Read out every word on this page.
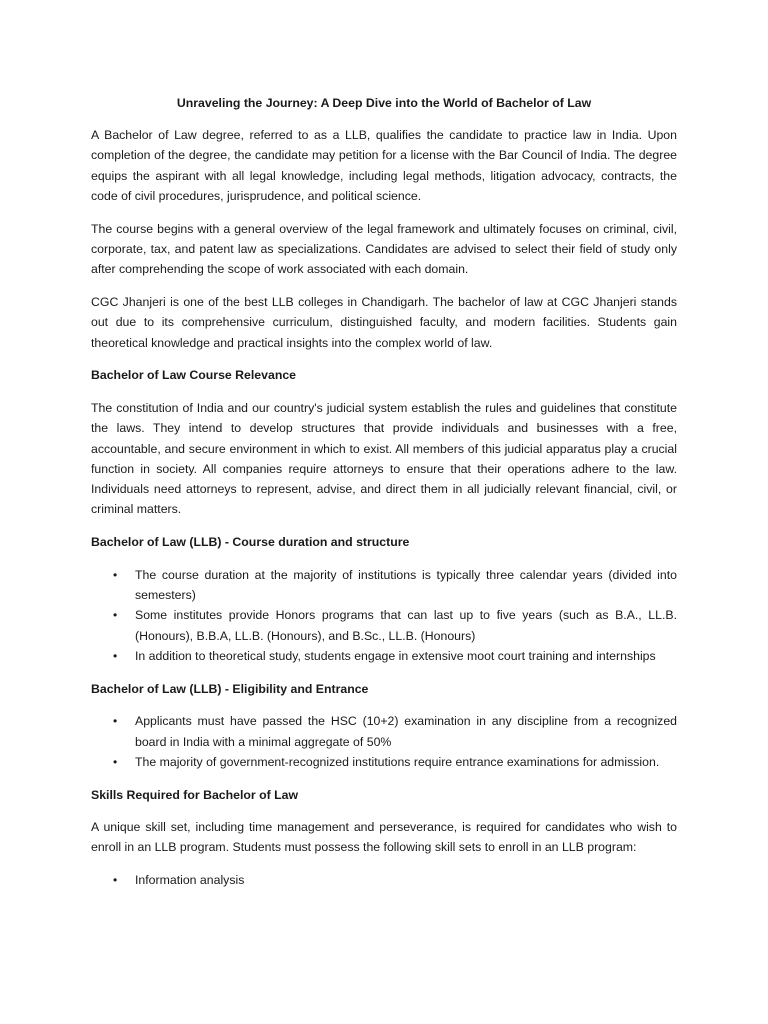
Unraveling the Journey: A Deep Dive into the World of Bachelor of Law

A Bachelor of Law degree, referred to as a LLB, qualifies the candidate to practice law in India. Upon completion of the degree, the candidate may petition for a license with the Bar Council of India. The degree equips the aspirant with all legal knowledge, including legal methods, litigation advocacy, contracts, the code of civil procedures, jurisprudence, and political science.

The course begins with a general overview of the legal framework and ultimately focuses on criminal, civil, corporate, tax, and patent law as specializations. Candidates are advised to select their field of study only after comprehending the scope of work associated with each domain.

CGC Jhanjeri is one of the best LLB colleges in Chandigarh. The bachelor of law at CGC Jhanjeri stands out due to its comprehensive curriculum, distinguished faculty, and modern facilities. Students gain theoretical knowledge and practical insights into the complex world of law.

Bachelor of Law Course Relevance

The constitution of India and our country's judicial system establish the rules and guidelines that constitute the laws. They intend to develop structures that provide individuals and businesses with a free, accountable, and secure environment in which to exist. All members of this judicial apparatus play a crucial function in society. All companies require attorneys to ensure that their operations adhere to the law. Individuals need attorneys to represent, advise, and direct them in all judicially relevant financial, civil, or criminal matters.

Bachelor of Law (LLB) - Course duration and structure
• The course duration at the majority of institutions is typically three calendar years (divided into semesters)
• Some institutes provide Honors programs that can last up to five years (such as B.A., LL.B. (Honours), B.B.A, LL.B. (Honours), and B.Sc., LL.B. (Honours)
• In addition to theoretical study, students engage in extensive moot court training and internships
Bachelor of Law (LLB) - Eligibility and Entrance
• Applicants must have passed the HSC (10+2) examination in any discipline from a recognized board in India with a minimal aggregate of 50%
• The majority of government-recognized institutions require entrance examinations for admission.
Skills Required for Bachelor of Law

A unique skill set, including time management and perseverance, is required for candidates who wish to enroll in an LLB program. Students must possess the following skill sets to enroll in an LLB program:

• Information analysis
